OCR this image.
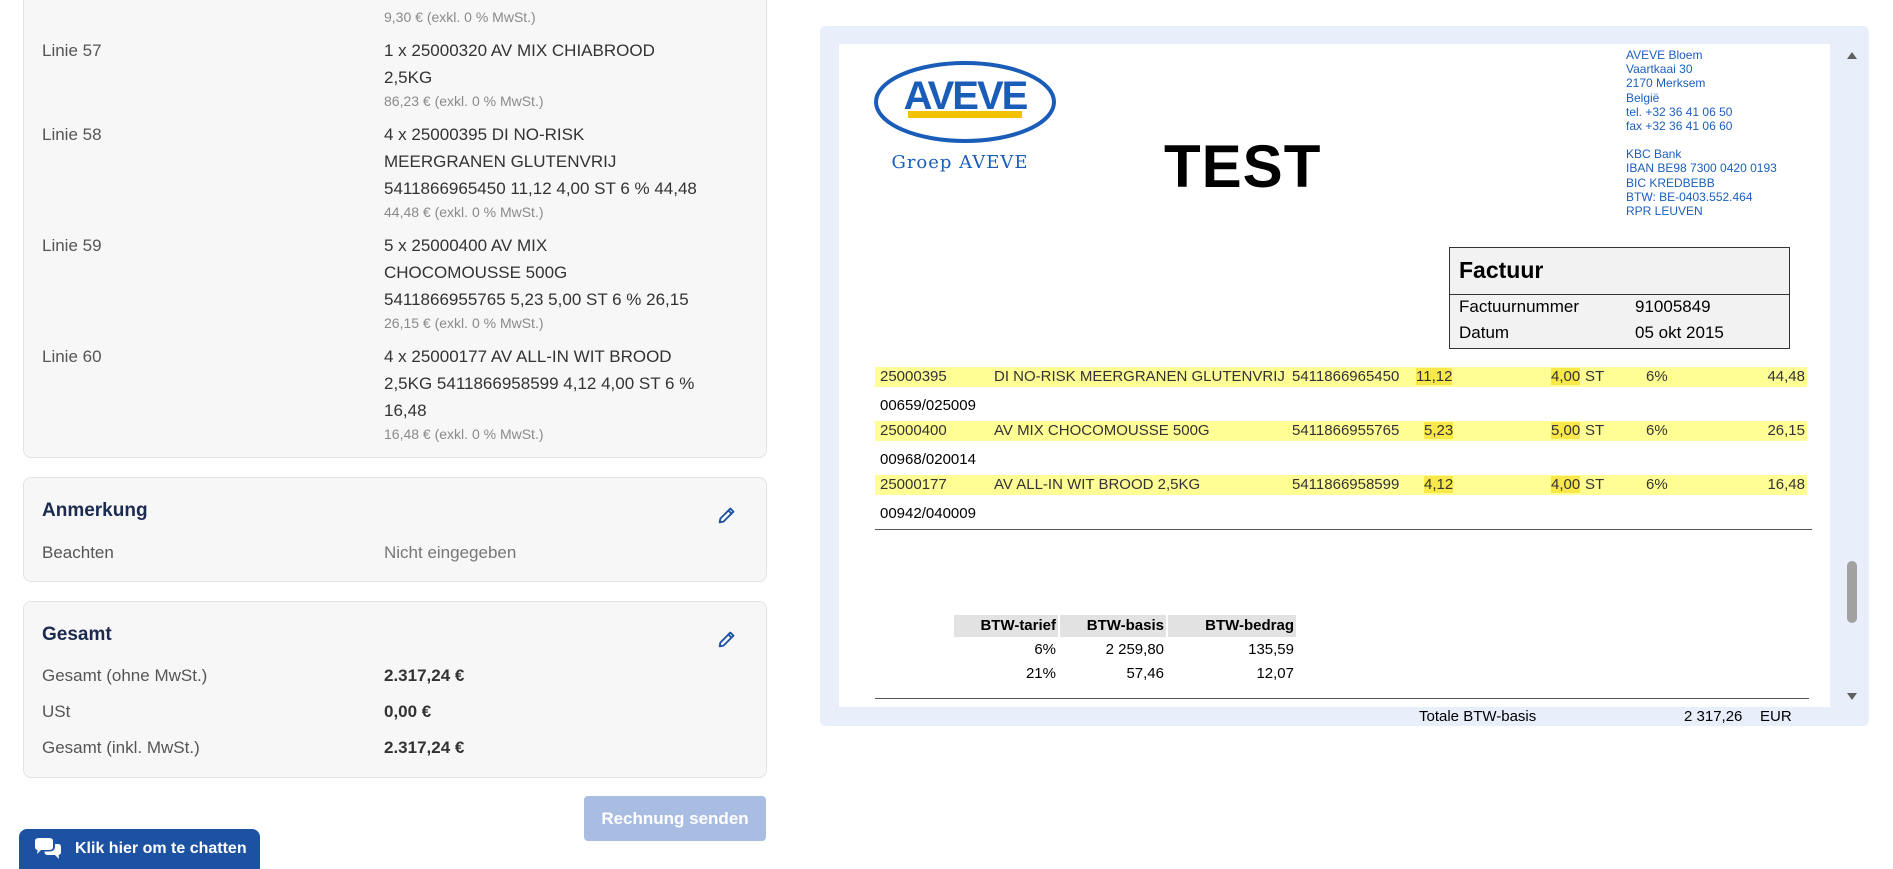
9,30 € (exkl. 0 % MwSt.)
Linie 57	1 x 25000320 AV MIX CHIABROOD
2,5KG
86,23 € (exkl. 0 % MwSt.)
Linie 58	4 x 25000395 DI NO-RISK
MEERGRANEN GLUTENVRIJ
5411866965450 11,12 4,00 ST 6 % 44,48
44,48 € (exkl. 0 % MwSt.)
Linie 59	5 x 25000400 AV MIX
CHOCOMOUSSE 500G
5411866955765 5,23 5,00 ST 6 % 26,15
26,15 € (exkl. 0 % MwSt.)
Linie 60	4 x 25000177 AV ALL-IN WIT BROOD
2,5KG 5411866958599 4,12 4,00 ST 6 %
16,48
16,48 € (exkl. 0 % MwSt.)
Anmerkung
Beachten	Nicht eingegeben
Gesamt
Gesamt (ohne MwSt.)	2.317,24 €
USt	0,00 €
Gesamt (inkl. MwSt.)	2.317,24 €
Rechnung senden
Klik hier om te chatten
AVEVE
Groep AVEVE TEST
AVEVE Bloem
Vaartkaai 30
2170 Merksem
België
tel. +32 36 41 06 50
fax +32 36 41 06 60
KBC Bank
IBAN BE98 7300 0420 0193
BIC KREDBEBB
BTW: BE-0403.552.464
RPR LEUVEN
Factuur
Factuurnummer	91005849
Datum	05 okt 2015
25000395	DI NO-RISK MEERGRANEN GLUTENVRIJ 5411866965450 11,12	4,00 ST	6%	44,48
00659/025009
25000400	AV MIX CHOCOMOUSSE 500G	5411866955765 5,23	5,00 ST	6%	26,15
00968/020014
25000177	AV ALL-IN WIT BROOD 2,5KG	5411866958599 4,12	4,00 ST	6%	16,48
00942/040009
BTW-tarief	BTW-basis	BTW-bedrag
6%	2 259,80	135,59
21%	57,46	12,07
Totale BTW-basis	2 317,26 EUR
